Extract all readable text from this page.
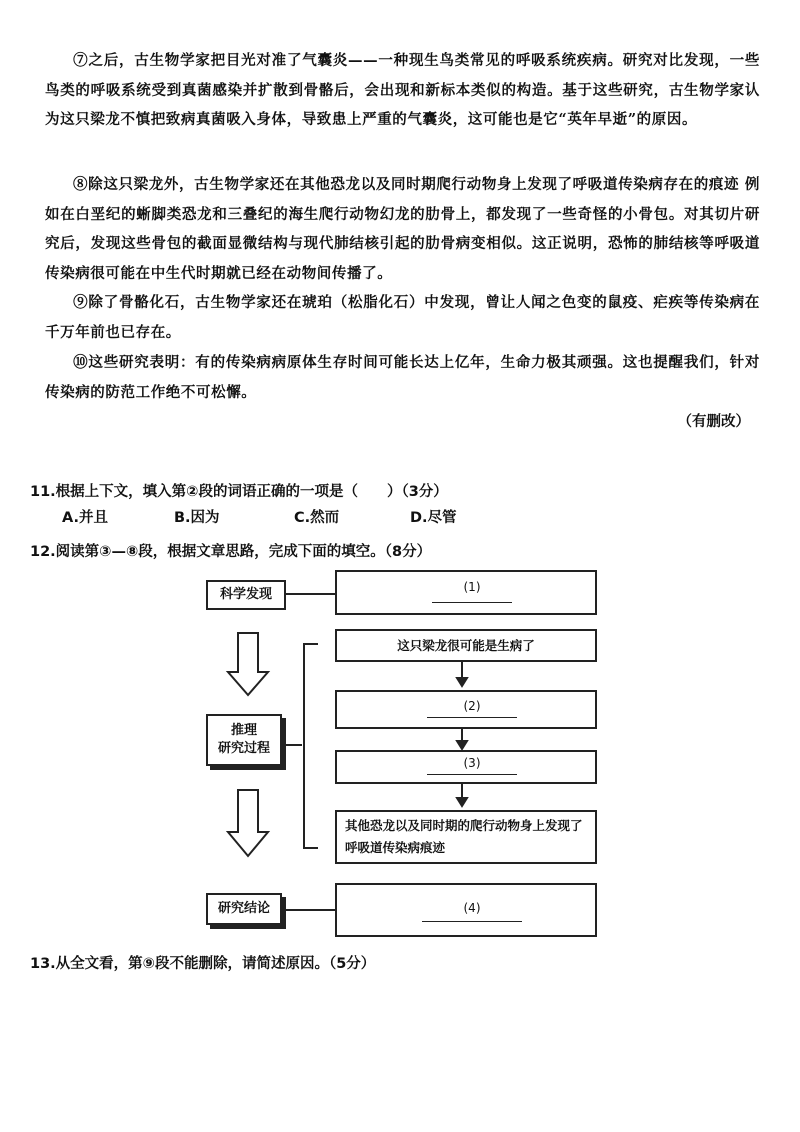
⑦之后，古生物学家把目光对准了气囊炎——一种现生鸟类常见的呼吸系统疾病。研究对比发现，一些鸟类的呼吸系统受到真菌感染并扩散到骨骼后，会出现和新标本类似的构造。基于这些研究，古生物学家认为这只梁龙不慎把致病真菌吸入身体，导致患上严重的气囊炎，这可能也是它“英年早逝”的原因。
⑧除这只梁龙外，古生物学家还在其他恐龙以及同时期爬行动物身上发现了呼吸道传染病存在的痕迹 例如在白垩纪的蜥脚类恐龙和三叠纪的海生爬行动物幻龙的肋骨上，都发现了一些奇怪的小骨包。对其切片研究后，发现这些骨包的截面显微结构与现代肺结核引起的肋骨病变相似。这正说明，恐怖的肺结核等呼吸道传染病很可能在中生代时期就已经在动物间传播了。
⑨除了骨骼化石，古生物学家还在琥珀（松脂化石）中发现，曾让人闻之色变的鼠疫、疟疾等传染病在千万年前也已存在。
⑩这些研究表明：有的传染病病原体生存时间可能长达上亿年，生命力极其顽强。这也提醒我们，针对传染病的防范工作绝不可松懈。
（有删改）
11.根据上下文，填入第②段的词语正确的一项是（　　）（3分）
A.并且	B.因为	C.然而	D.尽管
12.阅读第③—⑧段，根据文章思路，完成下面的填空。（8分）
科学发现
推理
研究过程
研究结论
(1)
这只梁龙很可能是生病了
(2)
(3)
其他恐龙以及同时期的爬行动物身上发现了呼吸道传染病痕迹
(4)
13.从全文看，第⑨段不能删除，请简述原因。（5分）
